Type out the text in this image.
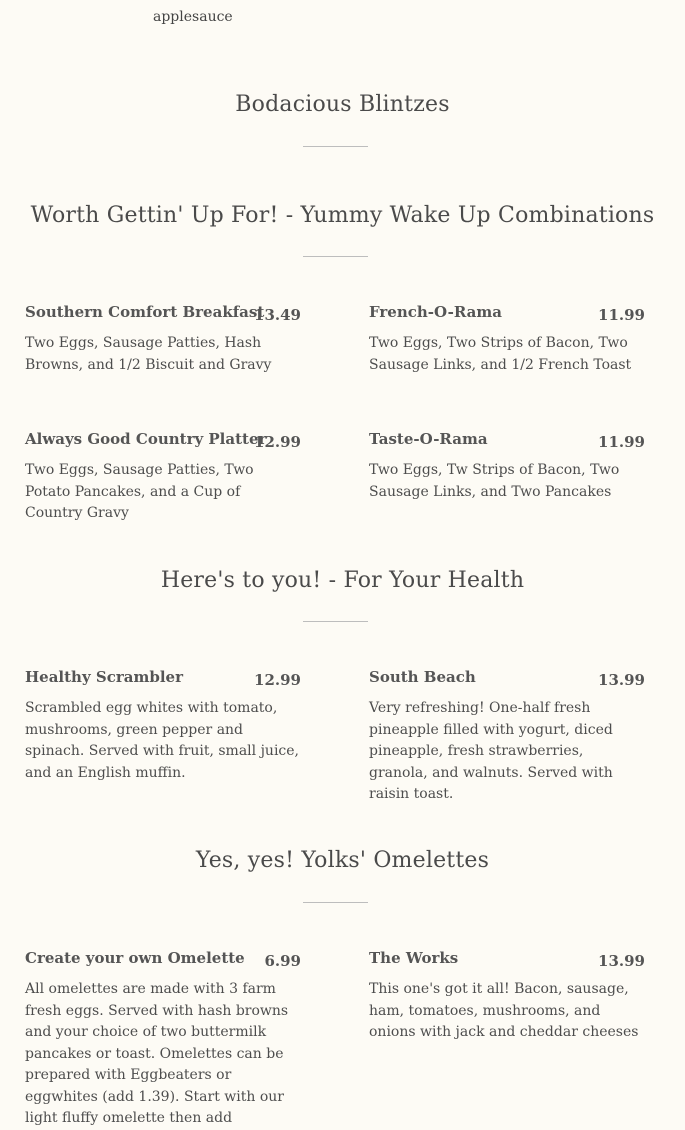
applesauce
Bodacious Blintzes
Worth Gettin' Up For! - Yummy Wake Up Combinations
Southern Comfort Breakfast
13.49
Two Eggs, Sausage Patties, Hash Browns, and 1/2 Biscuit and Gravy
French-O-Rama	11.99
Two Eggs, Two Strips of Bacon, Two Sausage Links, and 1/2 French Toast
Always Good Country Platter
12.99
Two Eggs, Sausage Patties, Two Potato Pancakes, and a Cup of Country Gravy
Taste-O-Rama	11.99
Two Eggs, Tw Strips of Bacon, Two Sausage Links, and Two Pancakes
Here's to you! - For Your Health
Healthy Scrambler	12.99
Scrambled egg whites with tomato, mushrooms, green pepper and spinach. Served with fruit, small juice, and an English muffin.
South Beach	13.99
Very refreshing! One-half fresh pineapple filled with yogurt, diced pineapple, fresh strawberries, granola, and walnuts. Served with raisin toast.
Yes, yes! Yolks' Omelettes
Create your own Omelette 6.99
All omelettes are made with 3 farm fresh eggs. Served with hash browns and your choice of two buttermilk pancakes or toast. Omelettes can be prepared with Eggbeaters or eggwhites (add 1.39). Start with our light fluffy omelette then add
The Works	13.99
This one's got it all! Bacon, sausage, ham, tomatoes, mushrooms, and onions with jack and cheddar cheeses
